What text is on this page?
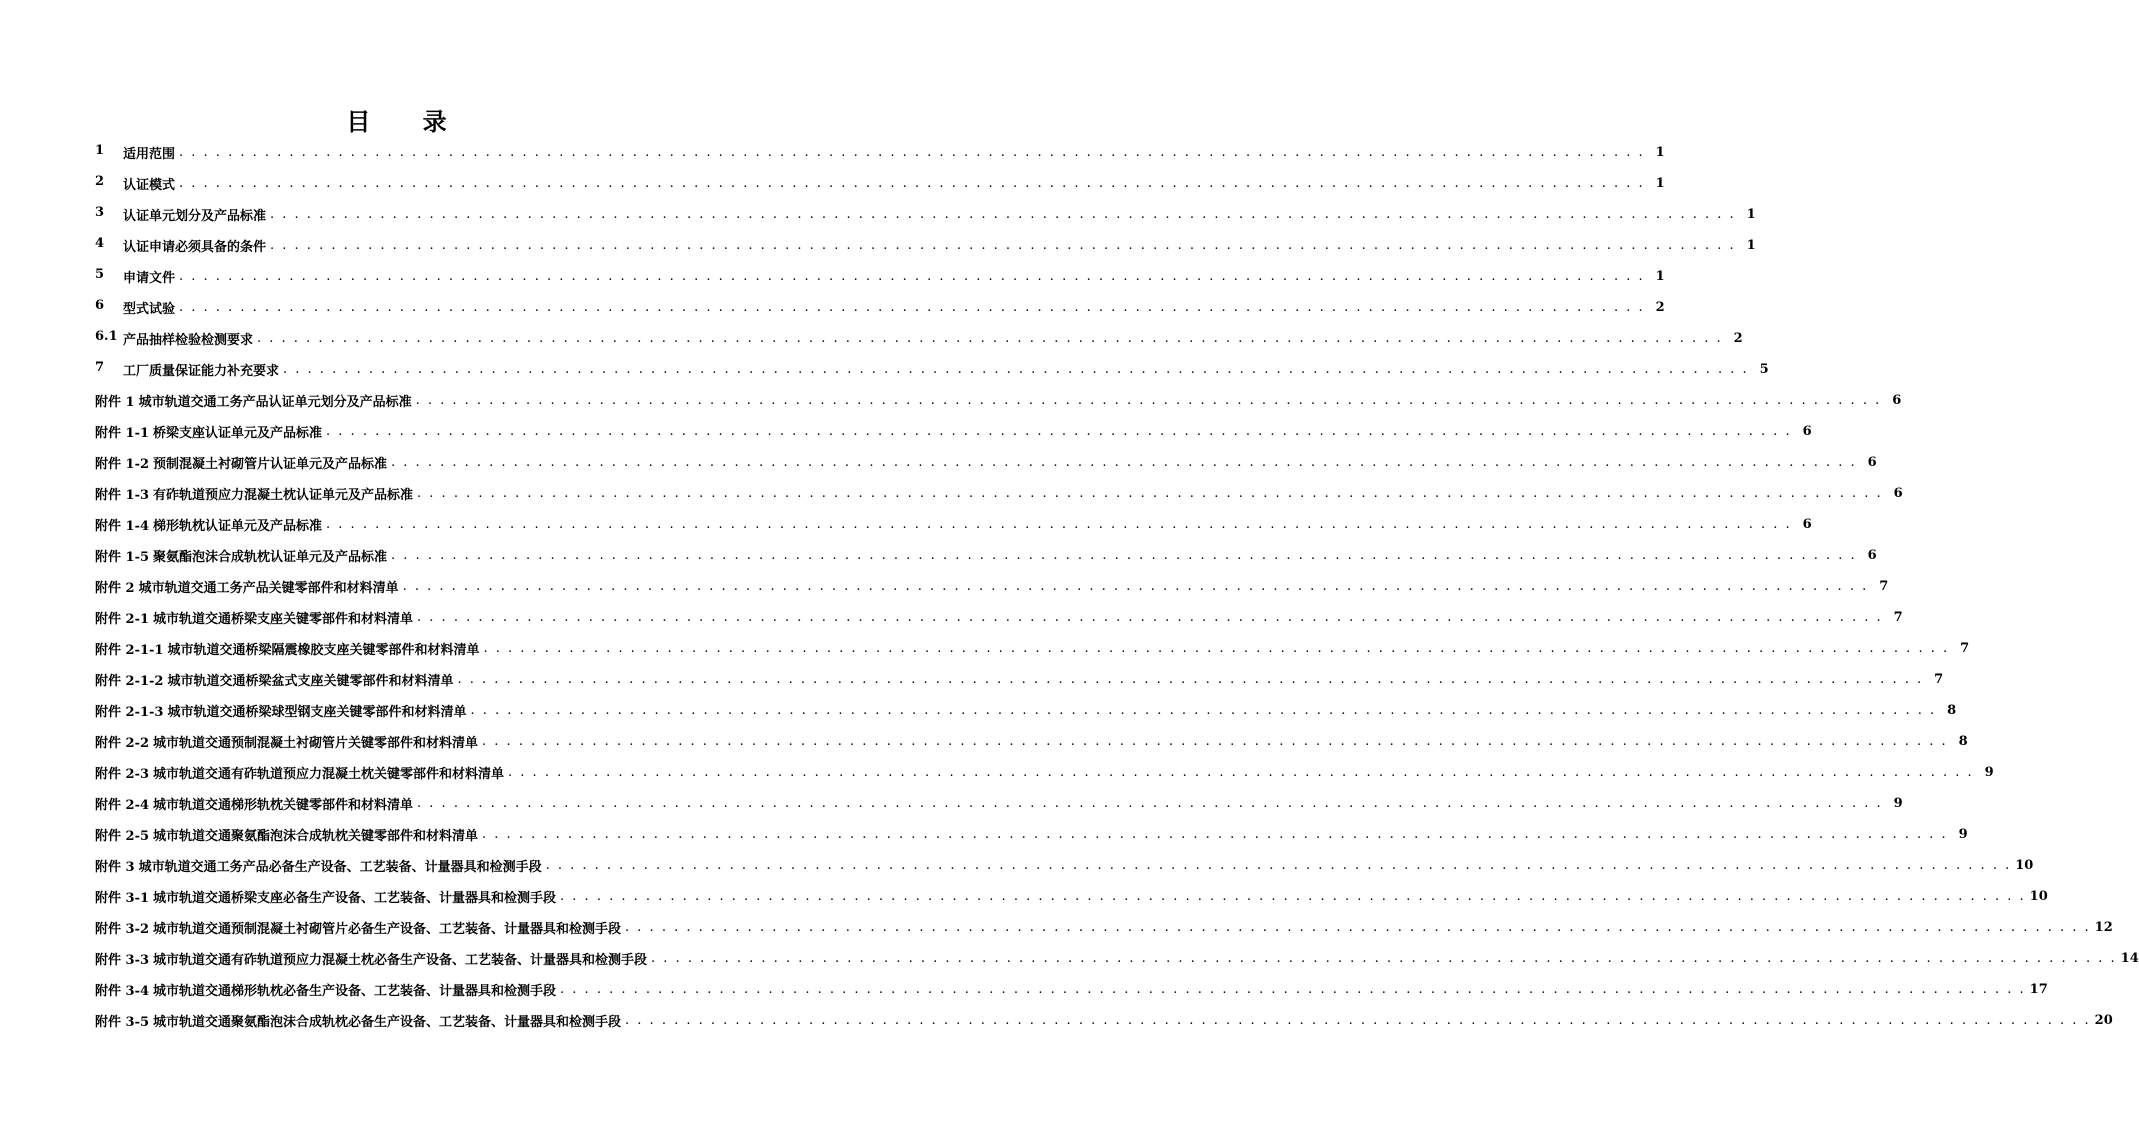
目 录
1	适用范围 . . . . . . . . . . . . . . . . . . . . . . . . . . . . . . . . . . . . . . . . . . . . . . . . . . . . . . . . . . . . . . . . . . . . . . . . . . . . . . . . . . . . . . . . . . . . . . . . . . . . . . . . . . . . . . . . . . . . . . . . 1
2	认证模式 . . . . . . . . . . . . . . . . . . . . . . . . . . . . . . . . . . . . . . . . . . . . . . . . . . . . . . . . . . . . . . . . . . . . . . . . . . . . . . . . . . . . . . . . . . . . . . . . . . . . . . . . . . . . . . . . . . . . . . . . 1
3	认证单元划分及产品标准 . . . . . . . . . . . . . . . . . . . . . . . . . . . . . . . . . . . . . . . . . . . . . . . . . . . . . . . . . . . . . . . . . . . . . . . . . . . . . . . . . . . . . . . . . . . . . . . . . . . . . . . . . . . . . . . . . . . . . . . . 1
4	认证申请必须具备的条件 . . . . . . . . . . . . . . . . . . . . . . . . . . . . . . . . . . . . . . . . . . . . . . . . . . . . . . . . . . . . . . . . . . . . . . . . . . . . . . . . . . . . . . . . . . . . . . . . . . . . . . . . . . . . . . . . . . . . . . . . 1
5	申请文件 . . . . . . . . . . . . . . . . . . . . . . . . . . . . . . . . . . . . . . . . . . . . . . . . . . . . . . . . . . . . . . . . . . . . . . . . . . . . . . . . . . . . . . . . . . . . . . . . . . . . . . . . . . . . . . . . . . . . . . . . 1
6	型式试验 . . . . . . . . . . . . . . . . . . . . . . . . . . . . . . . . . . . . . . . . . . . . . . . . . . . . . . . . . . . . . . . . . . . . . . . . . . . . . . . . . . . . . . . . . . . . . . . . . . . . . . . . . . . . . . . . . . . . . . . . 2
6.1 产品抽样检验检测要求 . . . . . . . . . . . . . . . . . . . . . . . . . . . . . . . . . . . . . . . . . . . . . . . . . . . . . . . . . . . . . . . . . . . . . . . . . . . . . . . . . . . . . . . . . . . . . . . . . . . . . . . . . . . . . . . . . . . . . . . . 2
7	工厂质量保证能力补充要求 . . . . . . . . . . . . . . . . . . . . . . . . . . . . . . . . . . . . . . . . . . . . . . . . . . . . . . . . . . . . . . . . . . . . . . . . . . . . . . . . . . . . . . . . . . . . . . . . . . . . . . . . . . . . . . . . . . . . . . . . 5
附件 1 城市轨道交通工务产品认证单元划分及产品标准 . . . . . . . . . . . . . . . . . . . . . . . . . . . . . . . . . . . . . . . . . . . . . . . . . . . . . . . . . . . . . . . . . . . . . . . . . . . . . . . . . . . . . . . . . . . . . . . . . . . . . . . . . . . . . . . . . . . . . . . . 6
附件 1-1 桥梁支座认证单元及产品标准 . . . . . . . . . . . . . . . . . . . . . . . . . . . . . . . . . . . . . . . . . . . . . . . . . . . . . . . . . . . . . . . . . . . . . . . . . . . . . . . . . . . . . . . . . . . . . . . . . . . . . . . . . . . . . . . . . . . . . . . . 6
附件 1-2 预制混凝土衬砌管片认证单元及产品标准 . . . . . . . . . . . . . . . . . . . . . . . . . . . . . . . . . . . . . . . . . . . . . . . . . . . . . . . . . . . . . . . . . . . . . . . . . . . . . . . . . . . . . . . . . . . . . . . . . . . . . . . . . . . . . . . . . . . . . . . . 6
附件 1-3 有砟轨道预应力混凝土枕认证单元及产品标准 . . . . . . . . . . . . . . . . . . . . . . . . . . . . . . . . . . . . . . . . . . . . . . . . . . . . . . . . . . . . . . . . . . . . . . . . . . . . . . . . . . . . . . . . . . . . . . . . . . . . . . . . . . . . . . . . . . . . . . . . 6
附件 1-4 梯形轨枕认证单元及产品标准 . . . . . . . . . . . . . . . . . . . . . . . . . . . . . . . . . . . . . . . . . . . . . . . . . . . . . . . . . . . . . . . . . . . . . . . . . . . . . . . . . . . . . . . . . . . . . . . . . . . . . . . . . . . . . . . . . . . . . . . . 6
附件 1-5 聚氨酯泡沫合成轨枕认证单元及产品标准 . . . . . . . . . . . . . . . . . . . . . . . . . . . . . . . . . . . . . . . . . . . . . . . . . . . . . . . . . . . . . . . . . . . . . . . . . . . . . . . . . . . . . . . . . . . . . . . . . . . . . . . . . . . . . . . . . . . . . . . . 6
附件 2 城市轨道交通工务产品关键零部件和材料清单 . . . . . . . . . . . . . . . . . . . . . . . . . . . . . . . . . . . . . . . . . . . . . . . . . . . . . . . . . . . . . . . . . . . . . . . . . . . . . . . . . . . . . . . . . . . . . . . . . . . . . . . . . . . . . . . . . . . . . . . . 7
附件 2-1 城市轨道交通桥梁支座关键零部件和材料清单 . . . . . . . . . . . . . . . . . . . . . . . . . . . . . . . . . . . . . . . . . . . . . . . . . . . . . . . . . . . . . . . . . . . . . . . . . . . . . . . . . . . . . . . . . . . . . . . . . . . . . . . . . . . . . . . . . . . . . . . . 7
附件 2-1-1 城市轨道交通桥梁隔震橡胶支座关键零部件和材料清单 . . . . . . . . . . . . . . . . . . . . . . . . . . . . . . . . . . . . . . . . . . . . . . . . . . . . . . . . . . . . . . . . . . . . . . . . . . . . . . . . . . . . . . . . . . . . . . . . . . . . . . . . . . . . . . . . . . . . . . . . 7
附件 2-1-2 城市轨道交通桥梁盆式支座关键零部件和材料清单 . . . . . . . . . . . . . . . . . . . . . . . . . . . . . . . . . . . . . . . . . . . . . . . . . . . . . . . . . . . . . . . . . . . . . . . . . . . . . . . . . . . . . . . . . . . . . . . . . . . . . . . . . . . . . . . . . . . . . . . . 7
附件 2-1-3 城市轨道交通桥梁球型钢支座关键零部件和材料清单 . . . . . . . . . . . . . . . . . . . . . . . . . . . . . . . . . . . . . . . . . . . . . . . . . . . . . . . . . . . . . . . . . . . . . . . . . . . . . . . . . . . . . . . . . . . . . . . . . . . . . . . . . . . . . . . . . . . . . . . . 8
附件 2-2 城市轨道交通预制混凝土衬砌管片关键零部件和材料清单 . . . . . . . . . . . . . . . . . . . . . . . . . . . . . . . . . . . . . . . . . . . . . . . . . . . . . . . . . . . . . . . . . . . . . . . . . . . . . . . . . . . . . . . . . . . . . . . . . . . . . . . . . . . . . . . . . . . . . . . . 8
附件 2-3 城市轨道交通有砟轨道预应力混凝土枕关键零部件和材料清单 . . . . . . . . . . . . . . . . . . . . . . . . . . . . . . . . . . . . . . . . . . . . . . . . . . . . . . . . . . . . . . . . . . . . . . . . . . . . . . . . . . . . . . . . . . . . . . . . . . . . . . . . . . . . . . . . . . . . . . . . 9
附件 2-4 城市轨道交通梯形轨枕关键零部件和材料清单 . . . . . . . . . . . . . . . . . . . . . . . . . . . . . . . . . . . . . . . . . . . . . . . . . . . . . . . . . . . . . . . . . . . . . . . . . . . . . . . . . . . . . . . . . . . . . . . . . . . . . . . . . . . . . . . . . . . . . . . . 9
附件 2-5 城市轨道交通聚氨酯泡沫合成轨枕关键零部件和材料清单 . . . . . . . . . . . . . . . . . . . . . . . . . . . . . . . . . . . . . . . . . . . . . . . . . . . . . . . . . . . . . . . . . . . . . . . . . . . . . . . . . . . . . . . . . . . . . . . . . . . . . . . . . . . . . . . . . . . . . . . . 9
附件 3 城市轨道交通工务产品必备生产设备、工艺装备、计量器具和检测手段 . . . . . . . . . . . . . . . . . . . . . . . . . . . . . . . . . . . . . . . . . . . . . . . . . . . . . . . . . . . . . . . . . . . . . . . . . . . . . . . . . . . . . . . . . . . . . . . . . . . . . . . . . . . . . . . . . . . . . . . . 10
附件 3-1 城市轨道交通桥梁支座必备生产设备、工艺装备、计量器具和检测手段 . . . . . . . . . . . . . . . . . . . . . . . . . . . . . . . . . . . . . . . . . . . . . . . . . . . . . . . . . . . . . . . . . . . . . . . . . . . . . . . . . . . . . . . . . . . . . . . . . . . . . . . . . . . . . . . . . . . . . . . . 10
附件 3-2 城市轨道交通预制混凝土衬砌管片必备生产设备、工艺装备、计量器具和检测手段 . . . . . . . . . . . . . . . . . . . . . . . . . . . . . . . . . . . . . . . . . . . . . . . . . . . . . . . . . . . . . . . . . . . . . . . . . . . . . . . . . . . . . . . . . . . . . . . . . . . . . . . . . . . . . . . . . . . . . . . . 12
附件 3-3 城市轨道交通有砟轨道预应力混凝土枕必备生产设备、工艺装备、计量器具和检测手段 . . . . . . . . . . . . . . . . . . . . . . . . . . . . . . . . . . . . . . . . . . . . . . . . . . . . . . . . . . . . . . . . . . . . . . . . . . . . . . . . . . . . . . . . . . . . . . . . . . . . . . . . . . . . . . . . . . . . . . . . 14
附件 3-4 城市轨道交通梯形轨枕必备生产设备、工艺装备、计量器具和检测手段 . . . . . . . . . . . . . . . . . . . . . . . . . . . . . . . . . . . . . . . . . . . . . . . . . . . . . . . . . . . . . . . . . . . . . . . . . . . . . . . . . . . . . . . . . . . . . . . . . . . . . . . . . . . . . . . . . . . . . . . . 17
附件 3-5 城市轨道交通聚氨酯泡沫合成轨枕必备生产设备、工艺装备、计量器具和检测手段 . . . . . . . . . . . . . . . . . . . . . . . . . . . . . . . . . . . . . . . . . . . . . . . . . . . . . . . . . . . . . . . . . . . . . . . . . . . . . . . . . . . . . . . . . . . . . . . . . . . . . . . . . . . . . . . . . . . . . . . . 20
